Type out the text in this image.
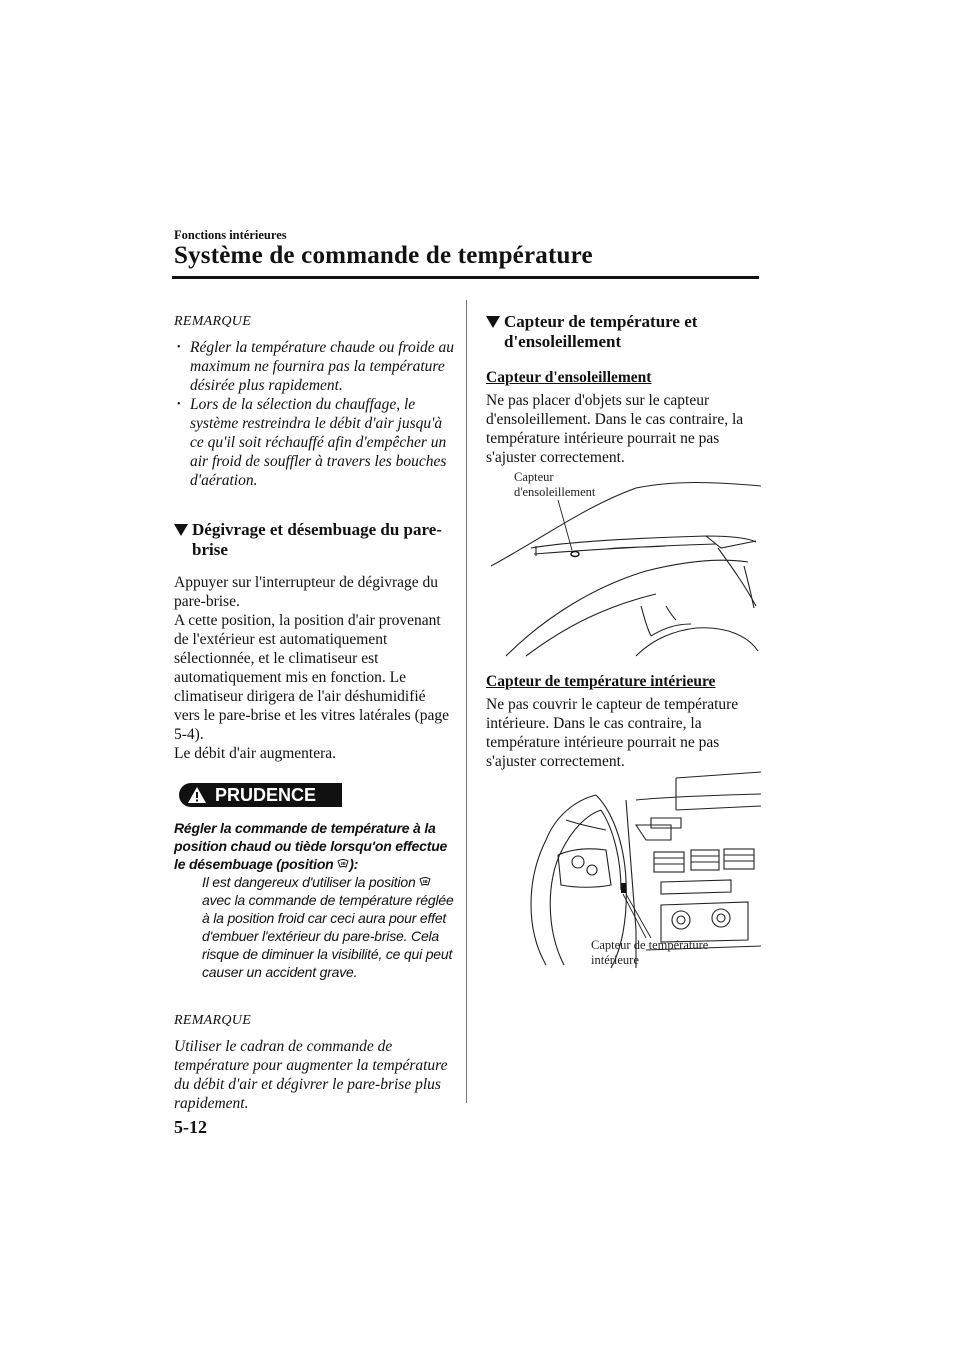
Fonctions intérieures
Système de commande de température

REMARQUE

• Régler la température chaude ou froide au maximum ne fournira pas la température désirée plus rapidement.
• Lors de la sélection du chauffage, le système restreindra le débit d'air jusqu'à ce qu'il soit réchauffé afin d'empêcher un air froid de souffler à travers les bouches d'aération.
Dégivrage et désembuage du pare-brise

Appuyer sur l'interrupteur de dégivrage du pare-brise.

A cette position, la position d'air provenant de l'extérieur est automatiquement sélectionnée, et le climatiseur est automatiquement mis en fonction. Le climatiseur dirigera de l'air déshumidifié vers le pare-brise et les vitres latérales (page 5-4).

Le débit d'air augmentera.

PRUDENCE

Régler la commande de température à la position chaud ou tiède lorsqu'on effectue le désembuage (position ):

Il est dangereux d'utiliser la position  avec la commande de température réglée à la position froid car ceci aura pour effet d'embuer l'extérieur du pare-brise. Cela risque de diminuer la visibilité, ce qui peut causer un accident grave.

REMARQUE

Utiliser le cadran de commande de température pour augmenter la température du débit d'air et dégivrer le pare-brise plus rapidement.

Capteur de température et d'ensoleillement

Capteur d'ensoleillement

Ne pas placer d'objets sur le capteur d'ensoleillement. Dans le cas contraire, la température intérieure pourrait ne pas s'ajuster correctement.

Capteur
d'ensoleillement

Capteur de température intérieure

Ne pas couvrir le capteur de température intérieure. Dans le cas contraire, la température intérieure pourrait ne pas s'ajuster correctement.

Capteur de température
intérieure
5-12
